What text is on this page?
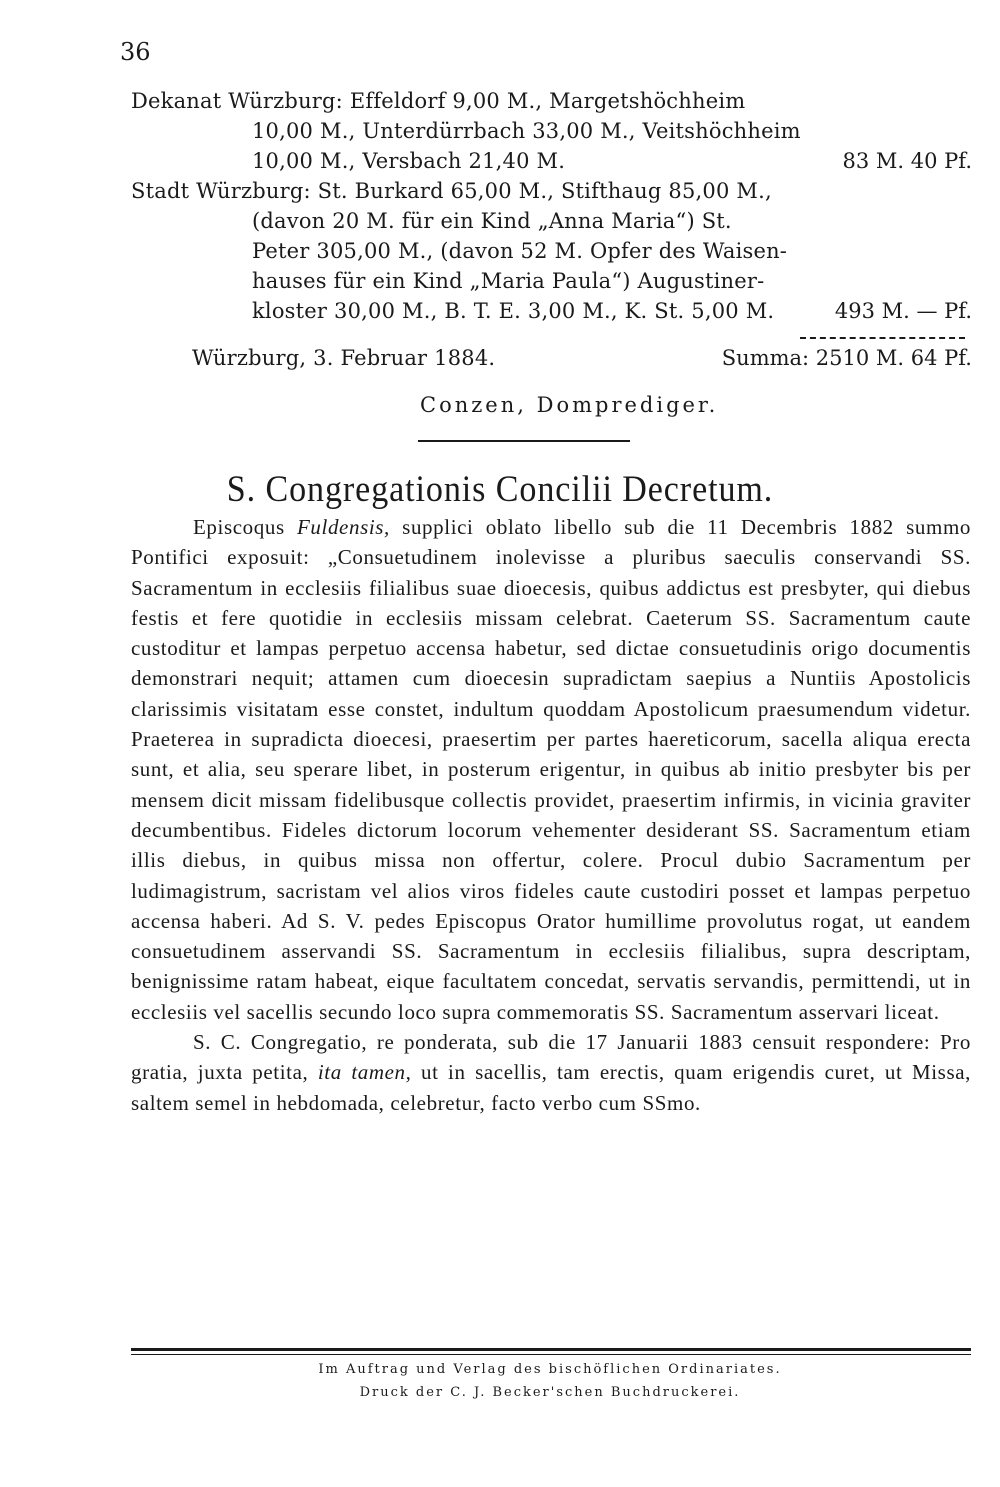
36
Dekanat Würzburg: Effeldorf 9,00 M., Margetshöchheim
10,00 M., Unterdürrbach 33,00 M., Veitshöchheim
10,00 M., Versbach 21,40 M.	83 M. 40 Pf.
Stadt Würzburg: St. Burkard 65,00 M., Stifthaug 85,00 M.,
(davon 20 M. für ein Kind „Anna Maria“) St.
Peter 305,00 M., (davon 52 M. Opfer des Waisen-
hauses für ein Kind „Maria Paula“) Augustiner-
kloster 30,00 M., B. T. E. 3,00 M., K. St. 5,00 M.	493 M. — Pf.
Würzburg, 3. Februar 1884.	Summa: 2510 M. 64 Pf.
Conzen, Domprediger.
S. Congregationis Concilii Decretum.

Episcoqus Fuldensis, supplici oblato libello sub die 11 Decembris 1882 summo Pontifici exposuit: „Consuetudinem inolevisse a pluribus saeculis conservandi SS. Sacramentum in ecclesiis filialibus suae dioecesis, quibus addictus est presbyter, qui diebus festis et fere quotidie in ecclesiis missam celebrat. Caeterum SS. Sacramentum caute custoditur et lampas perpetuo accensa habetur, sed dictae consuetudinis origo documentis demonstrari nequit; attamen cum dioecesin supradictam saepius a Nuntiis Apostolicis clarissimis visitatam esse constet, indultum quoddam Apostolicum praesumendum videtur. Praeterea in supradicta dioecesi, praesertim per partes haereticorum, sacella aliqua erecta sunt, et alia, seu sperare libet, in posterum erigentur, in quibus ab initio presbyter bis per mensem dicit missam fidelibusque collectis providet, praesertim infirmis, in vicinia graviter decumbentibus. Fideles dictorum locorum vehementer desiderant SS. Sacramentum etiam illis diebus, in quibus missa non offertur, colere. Procul dubio Sacramentum per ludimagistrum, sacristam vel alios viros fideles caute custodiri posset et lampas perpetuo accensa haberi. Ad S. V. pedes Episcopus Orator humillime provolutus rogat, ut eandem consuetudinem asservandi SS. Sacramentum in ecclesiis filialibus, supra descriptam, benignissime ratam habeat, eique facultatem concedat, servatis servandis, permittendi, ut in ecclesiis vel sacellis secundo loco supra commemoratis SS. Sacramentum asservari liceat.

S. C. Congregatio, re ponderata, sub die 17 Januarii 1883 censuit respondere: Pro gratia, juxta petita, ita tamen, ut in sacellis, tam erectis, quam erigendis curet, ut Missa, saltem semel in hebdomada, celebretur, facto verbo cum SSmo.

Im Auftrag und Verlag des bischöflichen Ordinariates.
Druck der C. J. Becker'schen Buchdruckerei.
